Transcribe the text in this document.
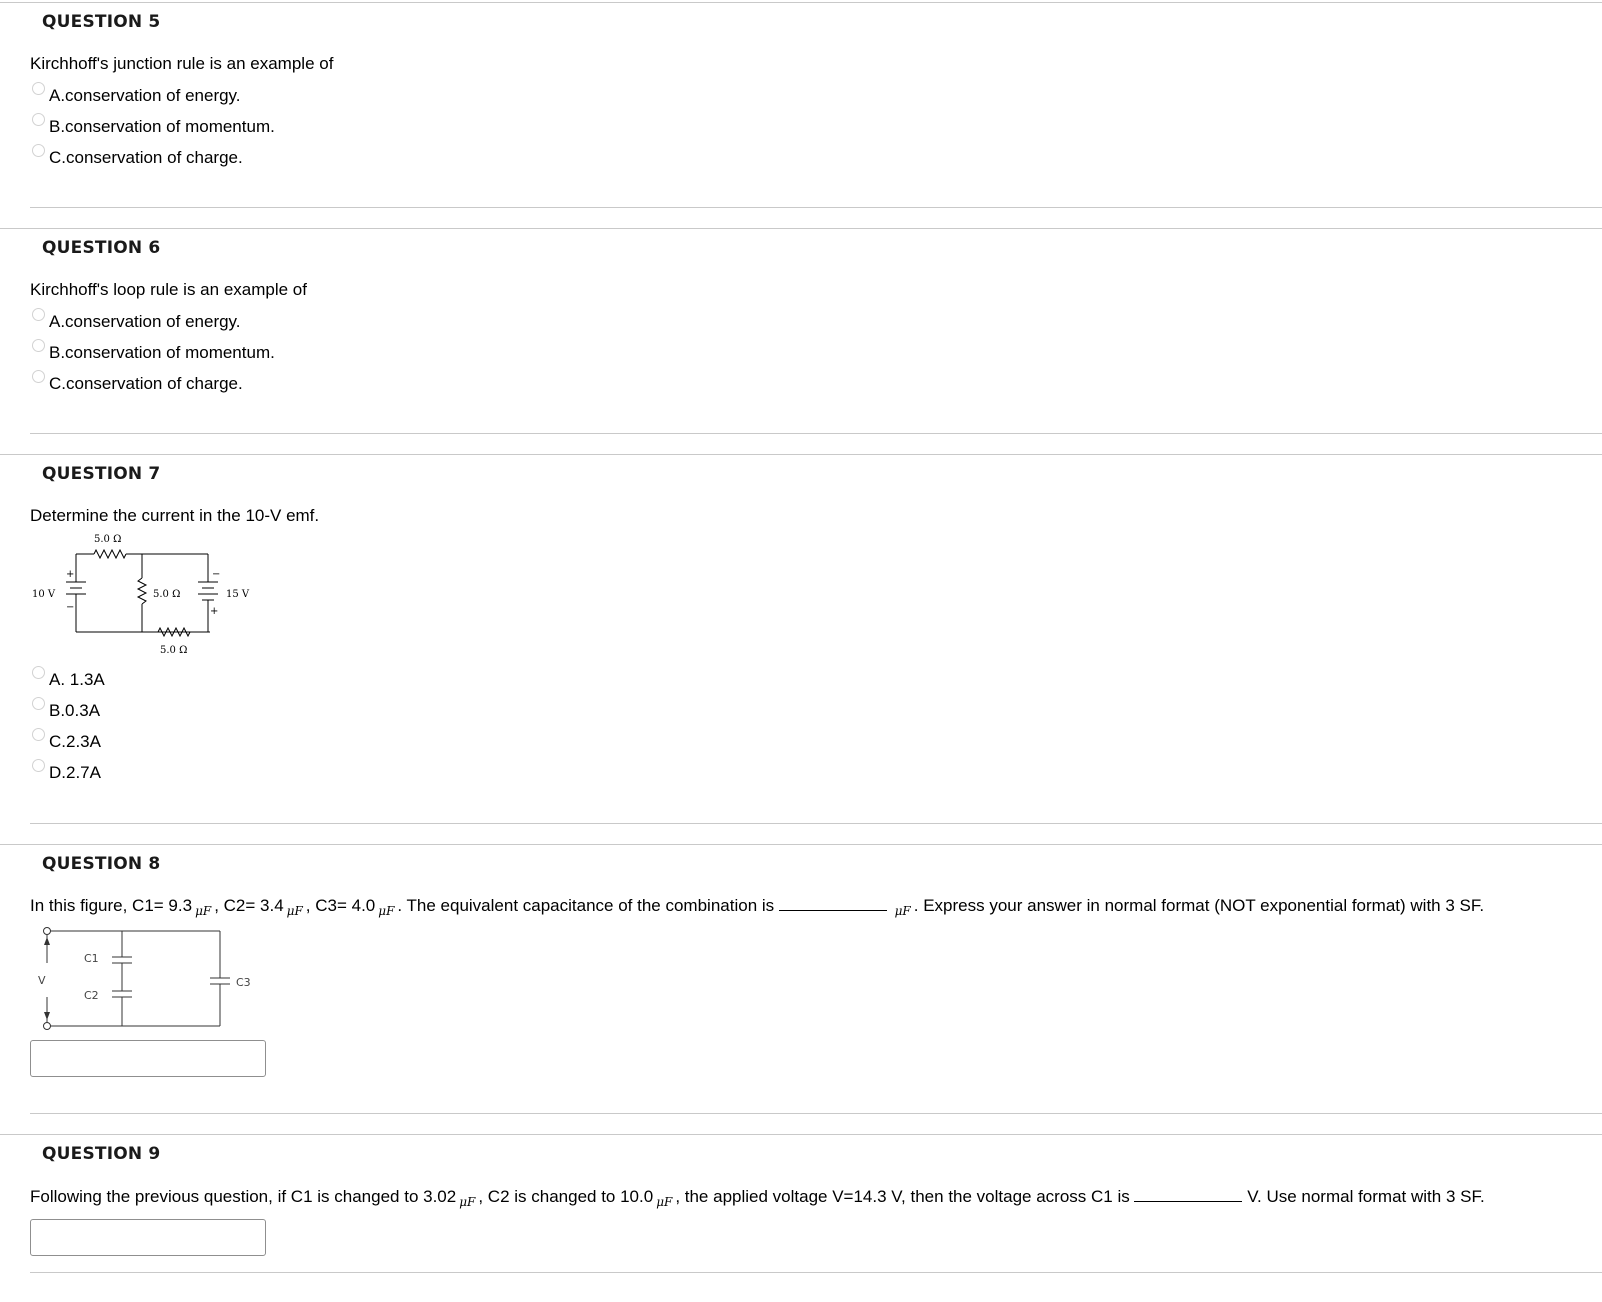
QUESTION 5
Kirchhoff's junction rule is an example of
A.conservation of energy.
B.conservation of momentum.
C.conservation of charge.
QUESTION 6
Kirchhoff's loop rule is an example of
A.conservation of energy.
B.conservation of momentum.
C.conservation of charge.
QUESTION 7
Determine the current in the 10-V emf.
5.0 Ω
5.0 Ω
5.0 Ω
10 V	15 V
+
−
−
+
A. 1.3A
B.0.3A
C.2.3A
D.2.7A
QUESTION 8
In this figure, C1= 9.3 $_{\mu F}$ , C2= 3.4 $_{\mu F}$ , C3= 4.0 $_{\mu F}$ . The equivalent capacitance of the combination is	$_{\mu F}$ . Express your answer in normal format (NOT exponential format) with 3 SF.
V
C1
C2
C3
QUESTION 9
Following the previous question, if C1 is changed to 3.02 $_{\mu F}$ , C2 is changed to 10.0 $_{\mu F}$ , the applied voltage V=14.3 V, then the voltage across C1 is	V. Use normal format with 3 SF.
